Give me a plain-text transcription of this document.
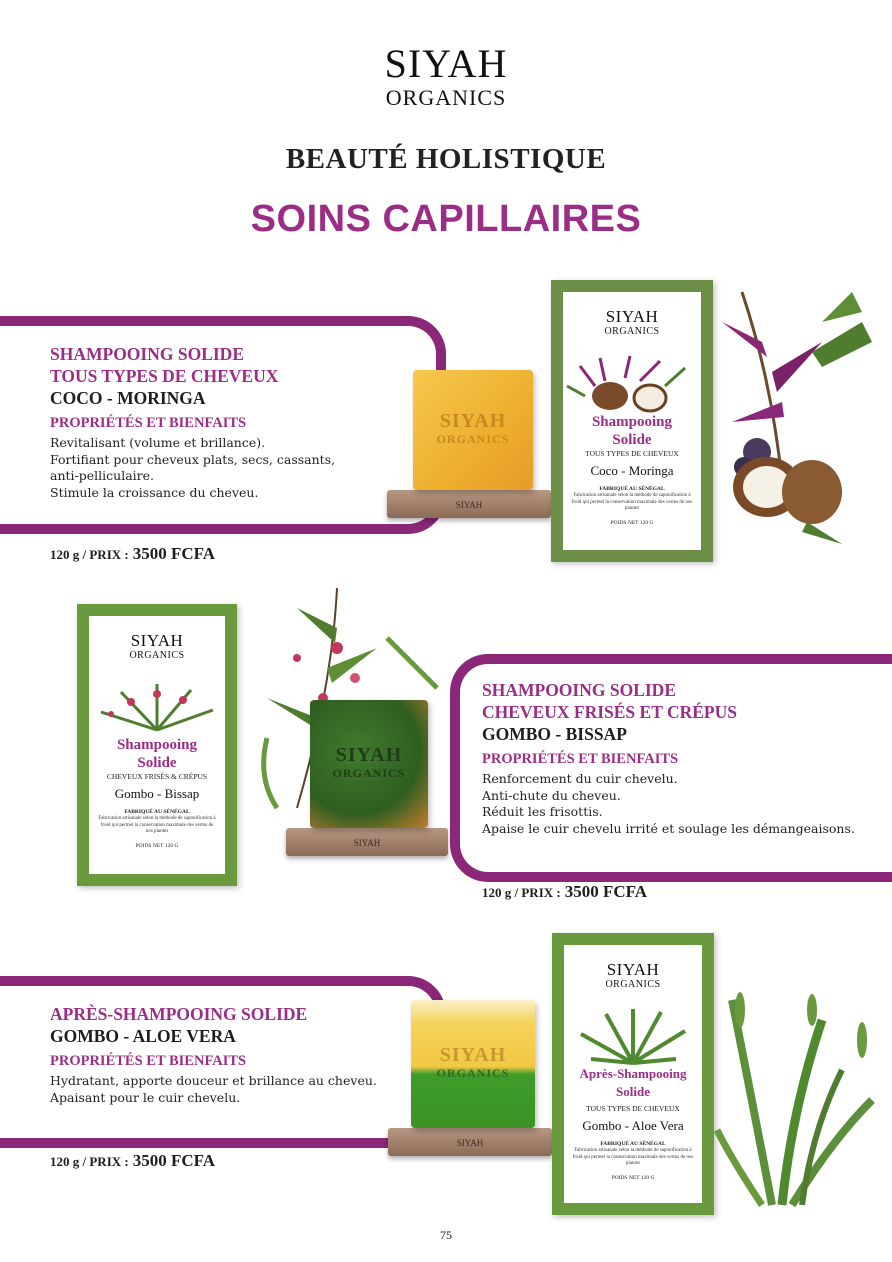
SIYAH
ORGANICS
BEAUTÉ HOLISTIQUE
SOINS CAPILLAIRES
SHAMPOOING SOLIDE
TOUS TYPES DE CHEVEUX
COCO - MORINGA
PROPRIÉTÉS ET BIENFAITS
Revitalisant (volume et brillance).
Fortifiant pour cheveux plats, secs, cassants,
anti-pelliculaire.
Stimule la croissance du cheveu.
120 g / PRIX : 3500 FCFA
SIYAH
SIYAH
ORGANICS
SIYAH
ORGANICS
Shampooing
Solide
TOUS TYPES DE CHEVEUX
Coco - Moringa
FABRIQUÉ AU SÉNÉGAL
Fabrication artisanale selon la méthode de saponification à froid qui permet la conservation maximale des vertus de nos plantes
POIDS NET 120 G
SHAMPOOING SOLIDE
CHEVEUX FRISÉS ET CRÉPUS
GOMBO - BISSAP
PROPRIÉTÉS ET BIENFAITS
Renforcement du cuir chevelu.
Anti-chute du cheveu.
Réduit les frisottis.
Apaise le cuir chevelu irrité et soulage les démangeaisons.
120 g / PRIX : 3500 FCFA
SIYAH
ORGANICS
Shampooing
Solide
CHEVEUX FRISÉS & CRÉPUS
Gombo - Bissap
FABRIQUÉ AU SÉNÉGAL
Fabrication artisanale selon la méthode de saponification à froid qui permet la conservation maximale des vertus de nos plantes
POIDS NET 120 G	SIYAH
SIYAH
ORGANICS
APRÈS-SHAMPOOING SOLIDE
GOMBO - ALOE VERA
PROPRIÉTÉS ET BIENFAITS
Hydratant, apporte douceur et brillance au cheveu.
Apaisant pour le cuir chevelu.
120 g / PRIX : 3500 FCFA
SIYAH
SIYAH
ORGANICS
SIYAH
ORGANICS
Après-Shampooing
Solide
TOUS TYPES DE CHEVEUX
Gombo - Aloe Vera
FABRIQUÉ AU SÉNÉGAL
Fabrication artisanale selon la méthode de saponification à froid qui permet la conservation maximale des vertus de nos plantes
POIDS NET 120 G
75
